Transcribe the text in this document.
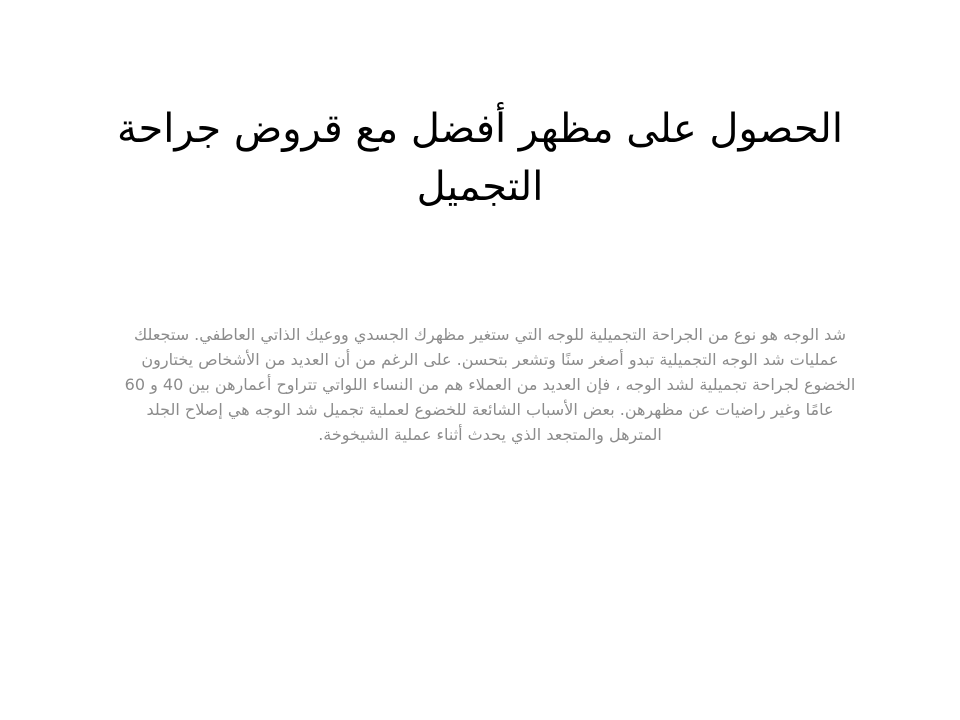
الحصول على مظهر أفضل مع قروض جراحة التجميل

شد الوجه هو نوع من الجراحة التجميلية للوجه التي ستغير مظهرك الجسدي ووعيك الذاتي العاطفي. ستجعلك عمليات شد الوجه التجميلية تبدو أصغر سنًا وتشعر بتحسن. على الرغم من أن العديد من الأشخاص يختارون الخضوع لجراحة تجميلية لشد الوجه ، فإن العديد من العملاء هم من النساء اللواتي تتراوح أعمارهن بين 40 و 60 عامًا وغير راضيات عن مظهرهن. بعض الأسباب الشائعة للخضوع لعملية تجميل شد الوجه هي إصلاح الجلد المترهل والمتجعد الذي يحدث أثناء عملية الشيخوخة.
